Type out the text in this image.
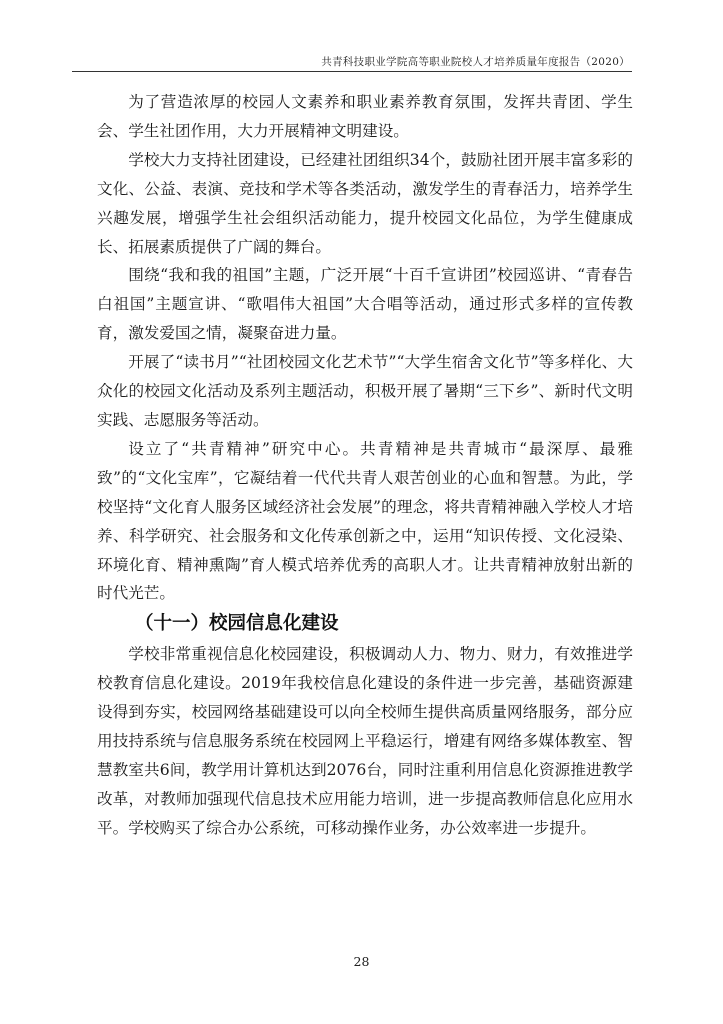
共青科技职业学院高等职业院校人才培养质量年度报告（2020）

为了营造浓厚的校园人文素养和职业素养教育氛围，发挥共青团、学生会、学生社团作用，大力开展精神文明建设。

学校大力支持社团建设，已经建社团组织34个，鼓励社团开展丰富多彩的文化、公益、表演、竞技和学术等各类活动，激发学生的青春活力，培养学生兴趣发展，增强学生社会组织活动能力，提升校园文化品位，为学生健康成长、拓展素质提供了广阔的舞台。

围绕“我和我的祖国”主题，广泛开展“十百千宣讲团”校园巡讲、“青春告白祖国”主题宣讲、“歌唱伟大祖国”大合唱等活动，通过形式多样的宣传教育，激发爱国之情，凝聚奋进力量。

开展了“读书月”“社团校园文化艺术节”“大学生宿舍文化节”等多样化、大众化的校园文化活动及系列主题活动，积极开展了暑期“三下乡”、新时代文明实践、志愿服务等活动。

设立了“共青精神”研究中心。共青精神是共青城市“最深厚、最雅致”的“文化宝库”，它凝结着一代代共青人艰苦创业的心血和智慧。为此，学校坚持“文化育人服务区域经济社会发展”的理念，将共青精神融入学校人才培养、科学研究、社会服务和文化传承创新之中，运用“知识传授、文化浸染、环境化育、精神熏陶”育人模式培养优秀的高职人才。让共青精神放射出新的时代光芒。

（十一）校园信息化建设

学校非常重视信息化校园建设，积极调动人力、物力、财力，有效推进学校教育信息化建设。2019年我校信息化建设的条件进一步完善，基础资源建设得到夯实，校园网络基础建设可以向全校师生提供高质量网络服务，部分应用技持系统与信息服务系统在校园网上平稳运行，增建有网络多媒体教室、智慧教室共6间，教学用计算机达到2076台，同时注重利用信息化资源推进教学改革，对教师加强现代信息技术应用能力培训，进一步提高教师信息化应用水平。学校购买了综合办公系统，可移动操作业务，办公效率进一步提升。

28
